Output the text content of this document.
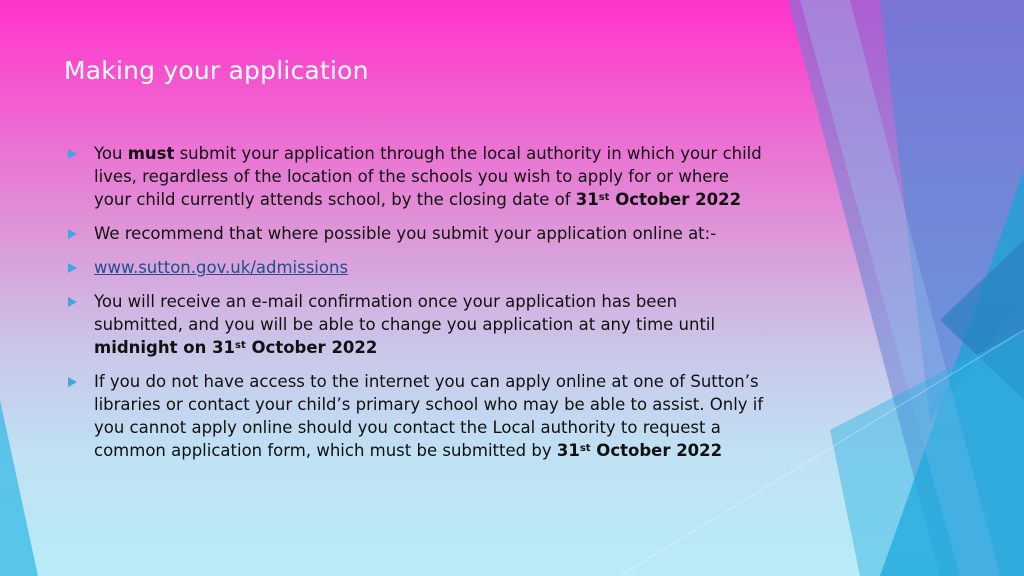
Making your application
You must submit your application through the local authority in which your child lives, regardless of the location of the schools you wish to apply for or where your child currently attends school, by the closing date of 31st October 2022
We recommend that where possible you submit your application online at:-
www.sutton.gov.uk/admissions
You will receive an e-mail confirmation once your application has been submitted, and you will be able to change you application at any time until midnight on 31st October 2022
If you do not have access to the internet you can apply online at one of Sutton’s libraries or contact your child’s primary school who may be able to assist. Only if you cannot apply online should you contact the Local authority to request a common application form, which must be submitted by 31st October 2022
